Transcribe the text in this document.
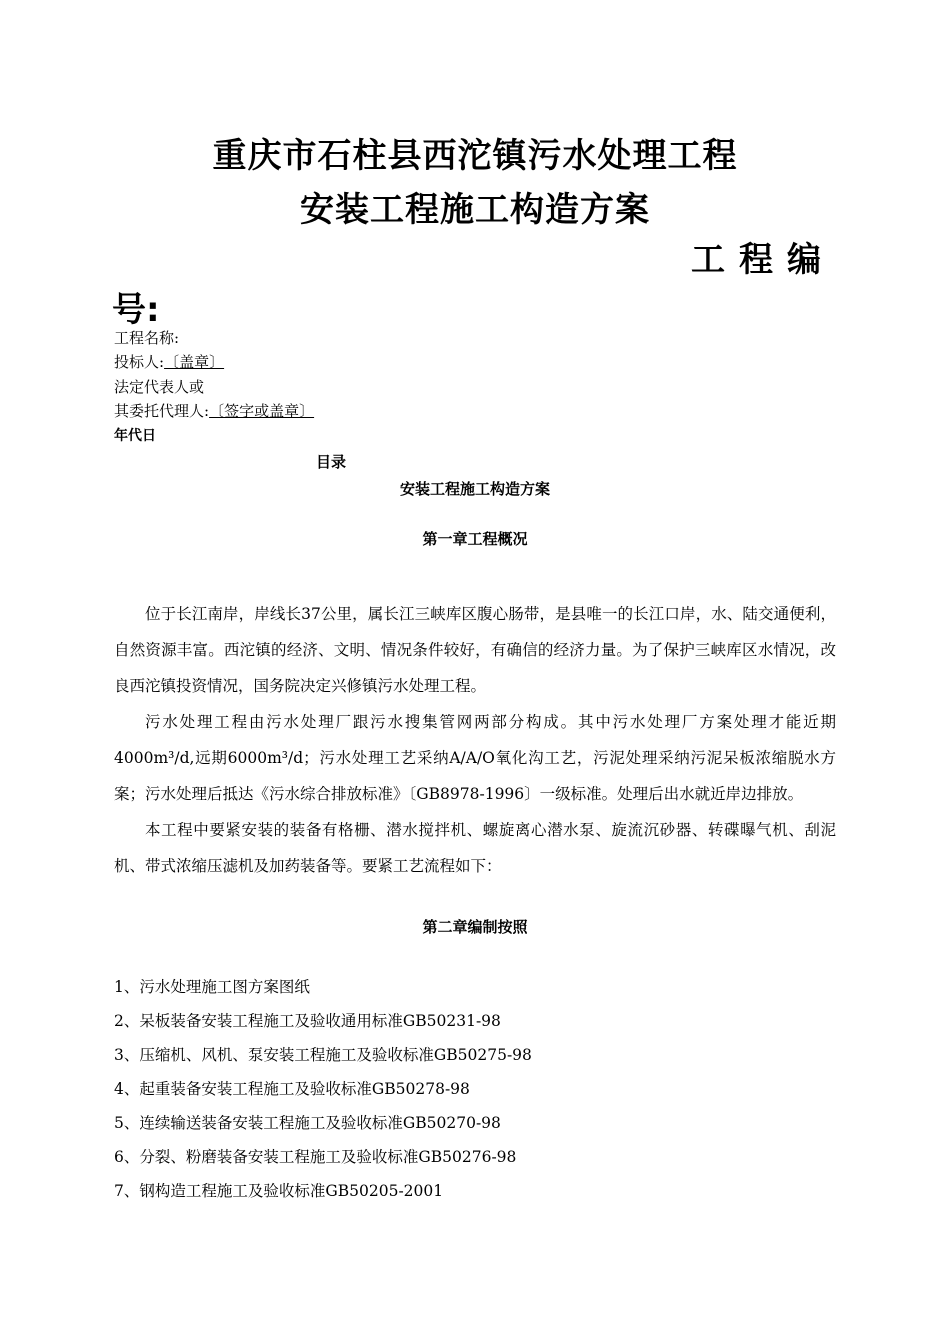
重庆市石柱县西沱镇污水处理工程
安装工程施工构造方案
工程编
号:
工程名称:
投标人:〔盖章〕
法定代表人或
其委托代理人:〔签字或盖章〕
年代日
目录
安装工程施工构造方案
第一章工程概况
位于长江南岸，岸线长37公里，属长江三峡库区腹心肠带，是县唯一的长江口岸，水、陆交通便利，自然资源丰富。西沱镇的经济、文明、情况条件较好，有确信的经济力量。为了保护三峡库区水情况，改良西沱镇投资情况，国务院决定兴修镇污水处理工程。
污水处理工程由污水处理厂跟污水搜集管网两部分构成。其中污水处理厂方案处理才能近期4000m³/d,远期6000m³/d；污水处理工艺采纳A/A/O氧化沟工艺，污泥处理采纳污泥呆板浓缩脱水方案；污水处理后抵达《污水综合排放标准》〔GB8978-1996〕一级标准。处理后出水就近岸边排放。
本工程中要紧安装的装备有格栅、潜水搅拌机、螺旋离心潜水泵、旋流沉砂器、转碟曝气机、刮泥机、带式浓缩压滤机及加药装备等。要紧工艺流程如下：
第二章编制按照
1、污水处理施工图方案图纸
2、呆板装备安装工程施工及验收通用标准GB50231-98
3、压缩机、风机、泵安装工程施工及验收标准GB50275-98
4、起重装备安装工程施工及验收标准GB50278-98
5、连续输送装备安装工程施工及验收标准GB50270-98
6、分裂、粉磨装备安装工程施工及验收标准GB50276-98
7、钢构造工程施工及验收标准GB50205-2001
